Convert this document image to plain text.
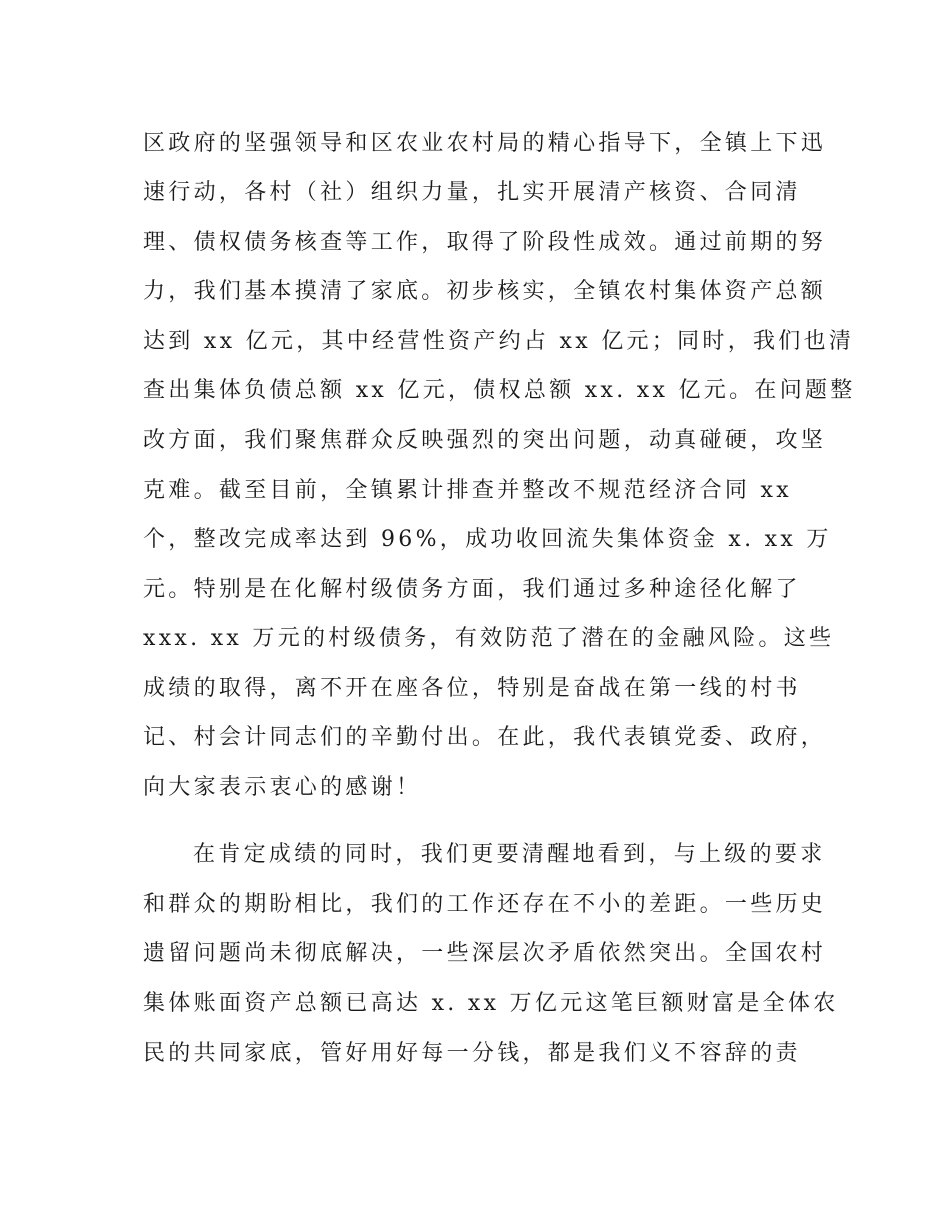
区政府的坚强领导和区农业农村局的精心指导下，全镇上下迅
速行动，各村（社）组织力量，扎实开展清产核资、合同清
理、债权债务核查等工作，取得了阶段性成效。通过前期的努
力，我们基本摸清了家底。初步核实，全镇农村集体资产总额
达到 xx 亿元，其中经营性资产约占 xx 亿元；同时，我们也清
查出集体负债总额 xx 亿元，债权总额 xx. xx 亿元。在问题整
改方面，我们聚焦群众反映强烈的突出问题，动真碰硬，攻坚
克难。截至目前，全镇累计排查并整改不规范经济合同 xx
个，整改完成率达到 96%，成功收回流失集体资金 x. xx 万
元。特别是在化解村级债务方面，我们通过多种途径化解了
xxx. xx 万元的村级债务，有效防范了潜在的金融风险。这些
成绩的取得，离不开在座各位，特别是奋战在第一线的村书
记、村会计同志们的辛勤付出。在此，我代表镇党委、政府，
向大家表示衷心的感谢！
在肯定成绩的同时，我们更要清醒地看到，与上级的要求
和群众的期盼相比，我们的工作还存在不小的差距。一些历史
遗留问题尚未彻底解决，一些深层次矛盾依然突出。全国农村
集体账面资产总额已高达 x. xx 万亿元这笔巨额财富是全体农
民的共同家底，管好用好每一分钱，都是我们义不容辞的责
